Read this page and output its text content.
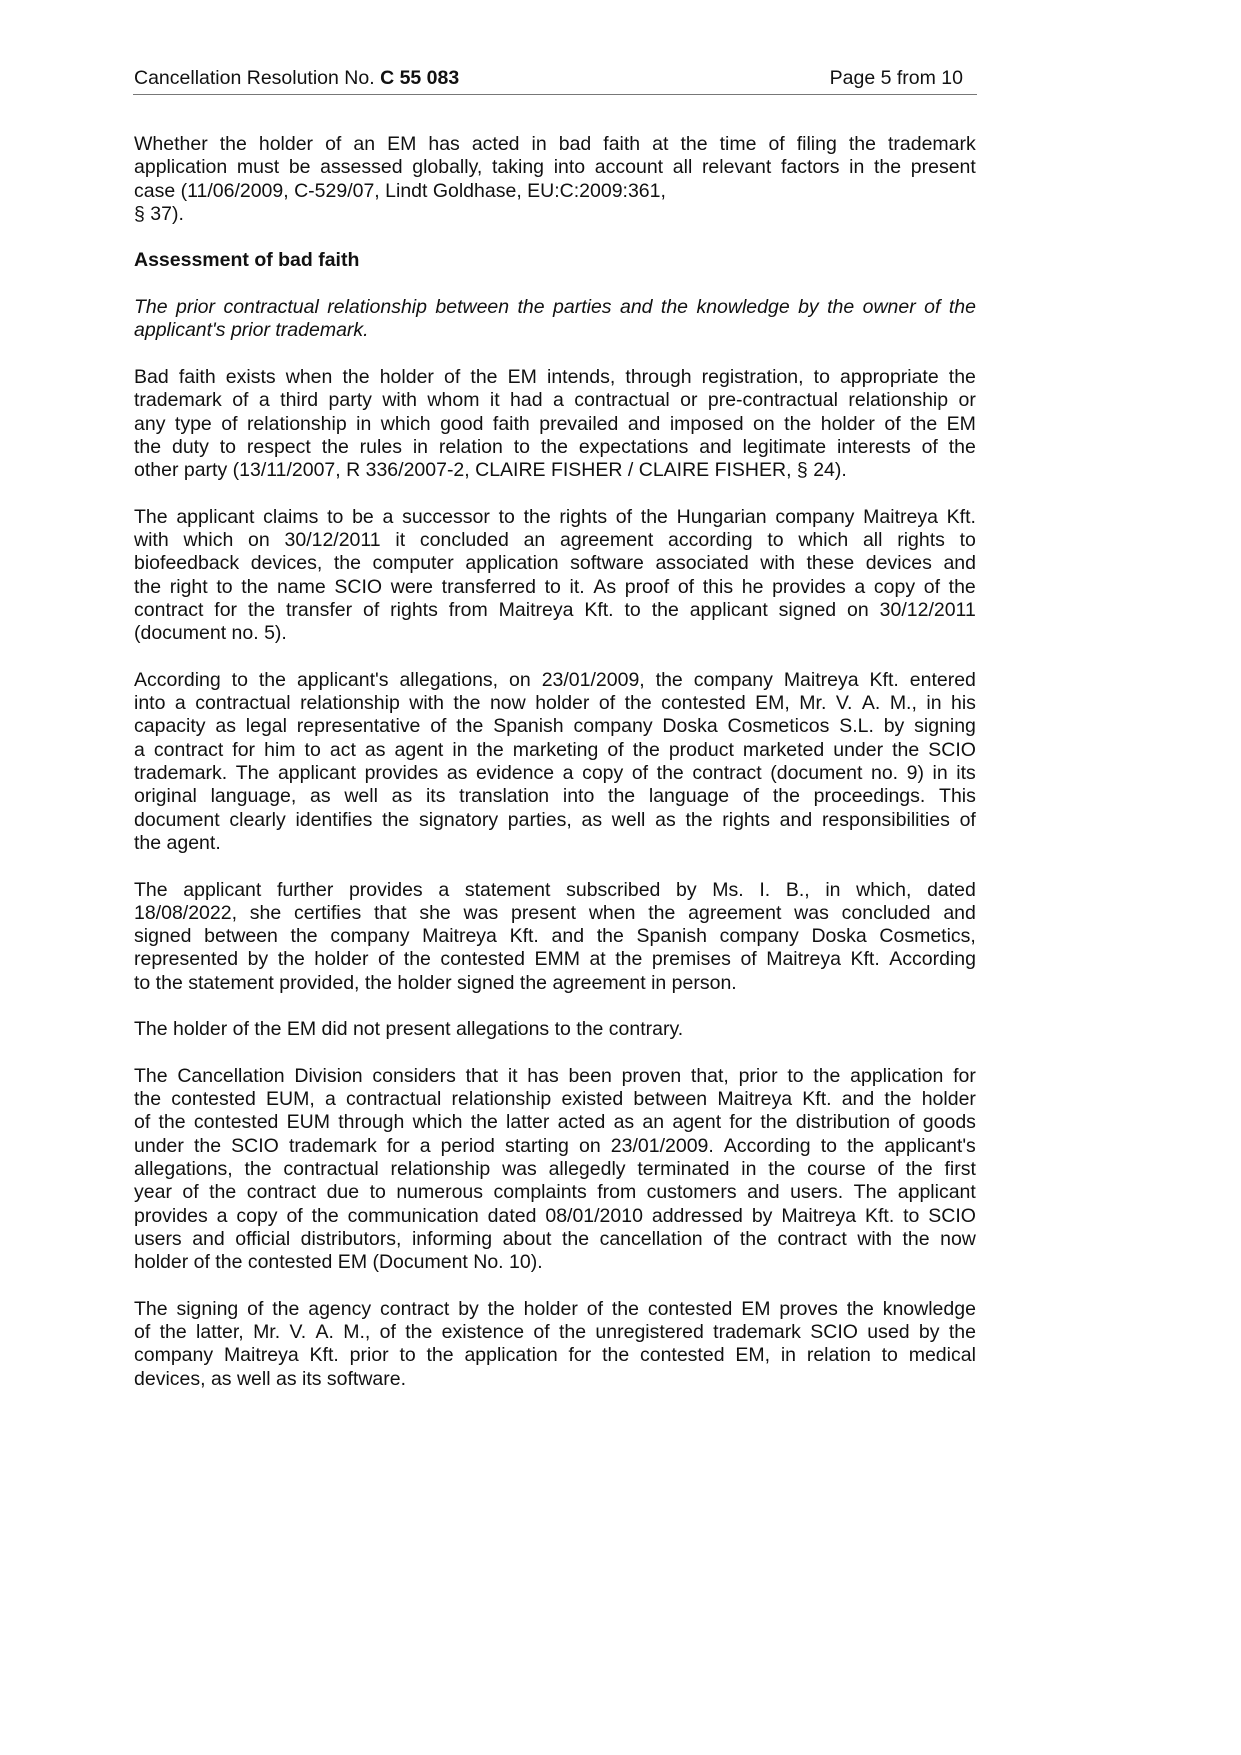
Cancellation Resolution No. C 55 083	Page 5 from 10
Whether the holder of an EM has acted in bad faith at the time of filing the trademark
application must be assessed globally, taking into account all relevant factors in the present
case (11/06/2009, C-529/07, Lindt Goldhase, EU:C:2009:361,
§ 37).
Assessment of bad faith
The prior contractual relationship between the parties and the knowledge by the owner of the
applicant's prior trademark.
Bad faith exists when the holder of the EM intends, through registration, to appropriate the
trademark of a third party with whom it had a contractual or pre-contractual relationship or
any type of relationship in which good faith prevailed and imposed on the holder of the EM
the duty to respect the rules in relation to the expectations and legitimate interests of the
other party (13/11/2007, R 336/2007-2, CLAIRE FISHER / CLAIRE FISHER, § 24).
The applicant claims to be a successor to the rights of the Hungarian company Maitreya Kft.
with which on 30/12/2011 it concluded an agreement according to which all rights to
biofeedback devices, the computer application software associated with these devices and
the right to the name SCIO were transferred to it. As proof of this he provides a copy of the
contract for the transfer of rights from Maitreya Kft. to the applicant signed on 30/12/2011
(document no. 5).
According to the applicant's allegations, on 23/01/2009, the company Maitreya Kft. entered
into a contractual relationship with the now holder of the contested EM, Mr. V. A. M., in his
capacity as legal representative of the Spanish company Doska Cosmeticos S.L. by signing
a contract for him to act as agent in the marketing of the product marketed under the SCIO
trademark. The applicant provides as evidence a copy of the contract (document no. 9) in its
original language, as well as its translation into the language of the proceedings. This
document clearly identifies the signatory parties, as well as the rights and responsibilities of
the agent.
The applicant further provides a statement subscribed by Ms. I. B., in which, dated
18/08/2022, she certifies that she was present when the agreement was concluded and
signed between the company Maitreya Kft. and the Spanish company Doska Cosmetics,
represented by the holder of the contested EMM at the premises of Maitreya Kft. According
to the statement provided, the holder signed the agreement in person.
The holder of the EM did not present allegations to the contrary.
The Cancellation Division considers that it has been proven that, prior to the application for
the contested EUM, a contractual relationship existed between Maitreya Kft. and the holder
of the contested EUM through which the latter acted as an agent for the distribution of goods
under the SCIO trademark for a period starting on 23/01/2009. According to the applicant's
allegations, the contractual relationship was allegedly terminated in the course of the first
year of the contract due to numerous complaints from customers and users. The applicant
provides a copy of the communication dated 08/01/2010 addressed by Maitreya Kft. to SCIO
users and official distributors, informing about the cancellation of the contract with the now
holder of the contested EM (Document No. 10).
The signing of the agency contract by the holder of the contested EM proves the knowledge
of the latter, Mr. V. A. M., of the existence of the unregistered trademark SCIO used by the
company Maitreya Kft. prior to the application for the contested EM, in relation to medical
devices, as well as its software.
